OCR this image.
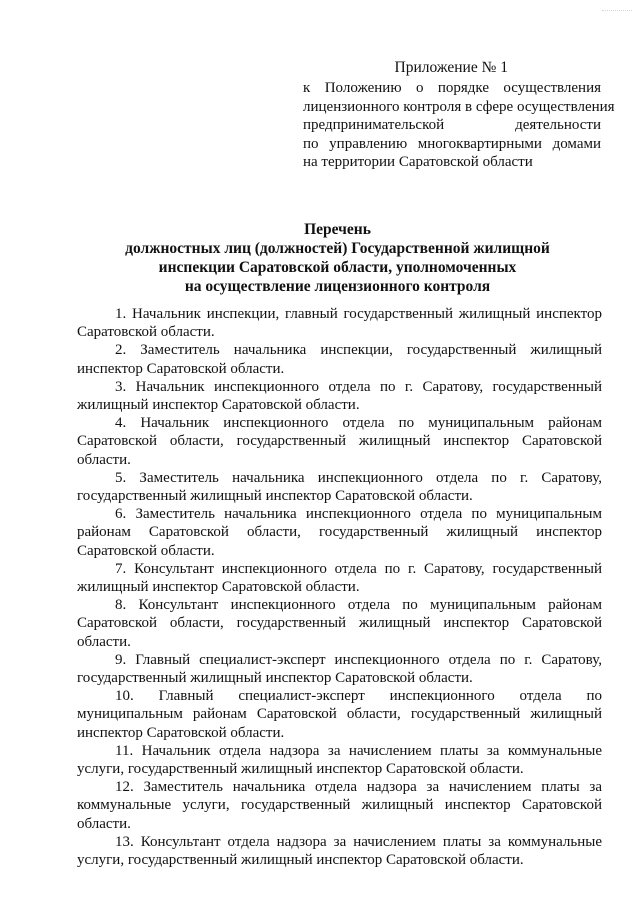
Приложение № 1
к Положению о порядке осуществления
лицензионного контроля в сфере осуществления
предпринимательской деятельности
по управлению многоквартирными домами
на территории Саратовской области
Перечень
должностных лиц (должностей) Государственной жилищной
инспекции Саратовской области, уполномоченных
на осуществление лицензионного контроля

1. Начальник инспекции, главный государственный жилищный инспектор Саратовской области.

2. Заместитель начальника инспекции, государственный жилищный инспектор Саратовской области.

3. Начальник инспекционного отдела по г. Саратову, государственный жилищный инспектор Саратовской области.

4. Начальник инспекционного отдела по муниципальным районам Саратовской области, государственный жилищный инспектор Саратовской области.

5. Заместитель начальника инспекционного отдела по г. Саратову, государственный жилищный инспектор Саратовской области.

6. Заместитель начальника инспекционного отдела по муниципальным районам Саратовской области, государственный жилищный инспектор Саратовской области.

7. Консультант инспекционного отдела по г. Саратову, государственный жилищный инспектор Саратовской области.

8. Консультант инспекционного отдела по муниципальным районам Саратовской области, государственный жилищный инспектор Саратовской области.

9. Главный специалист-эксперт инспекционного отдела по г. Саратову, государственный жилищный инспектор Саратовской области.

10. Главный специалист-эксперт инспекционного отдела по муниципальным районам Саратовской области, государственный жилищный инспектор Саратовской области.

11. Начальник отдела надзора за начислением платы за коммунальные услуги, государственный жилищный инспектор Саратовской области.

12. Заместитель начальника отдела надзора за начислением платы за коммунальные услуги, государственный жилищный инспектор Саратовской области.

13. Консультант отдела надзора за начислением платы за коммунальные услуги, государственный жилищный инспектор Саратовской области.
